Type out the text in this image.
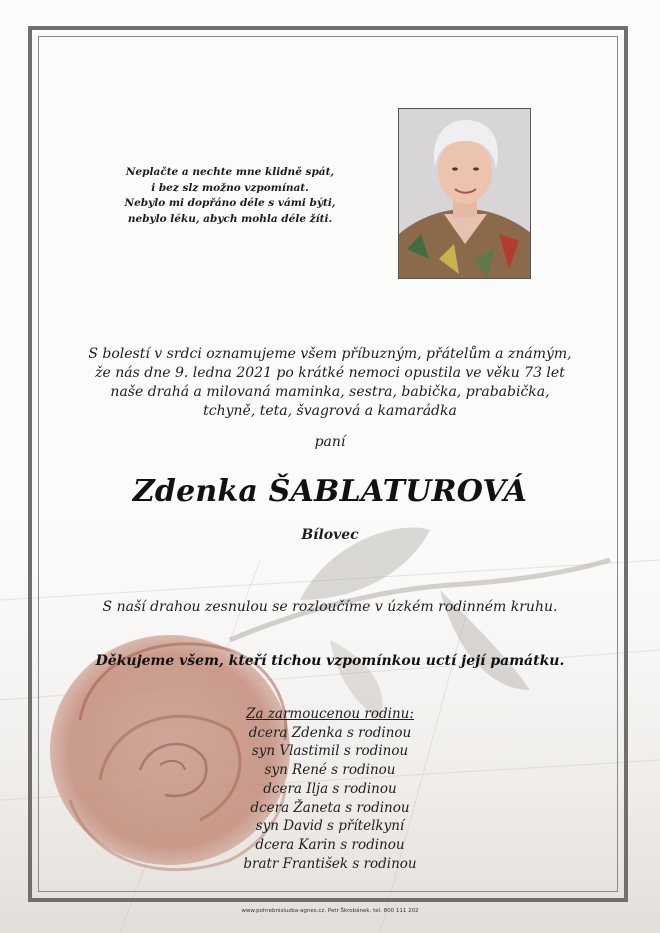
Neplačte a nechte mne klidně spát,
i bez slz možno vzpomínat.
Nebylo mi dopřáno déle s vámi býti,
nebylo léku, abych mohla déle žíti.
S bolestí v srdci oznamujeme všem příbuzným, přátelům a známým,
že nás dne 9. ledna 2021 po krátké nemoci opustila ve věku 73 let
naše drahá a milovaná maminka, sestra, babička, prababička,
tchyně, teta, švagrová a kamarádka
paní
Zdenka ŠABLATUROVÁ
Bílovec
S naší drahou zesnulou se rozloučíme v úzkém rodinném kruhu.
Děkujeme všem, kteří tichou vzpomínkou uctí její památku.
Za zarmoucenou rodinu:
dcera Zdenka s rodinou
syn Vlastimil s rodinou
syn René s rodinou
dcera Ilja s rodinou
dcera Žaneta s rodinou
syn David s přítelkyní
dcera Karin s rodinou
bratr František s rodinou
www.pohrebnisluzba-agnes.cz, Petr Škrobánek, tel. 800 111 202
